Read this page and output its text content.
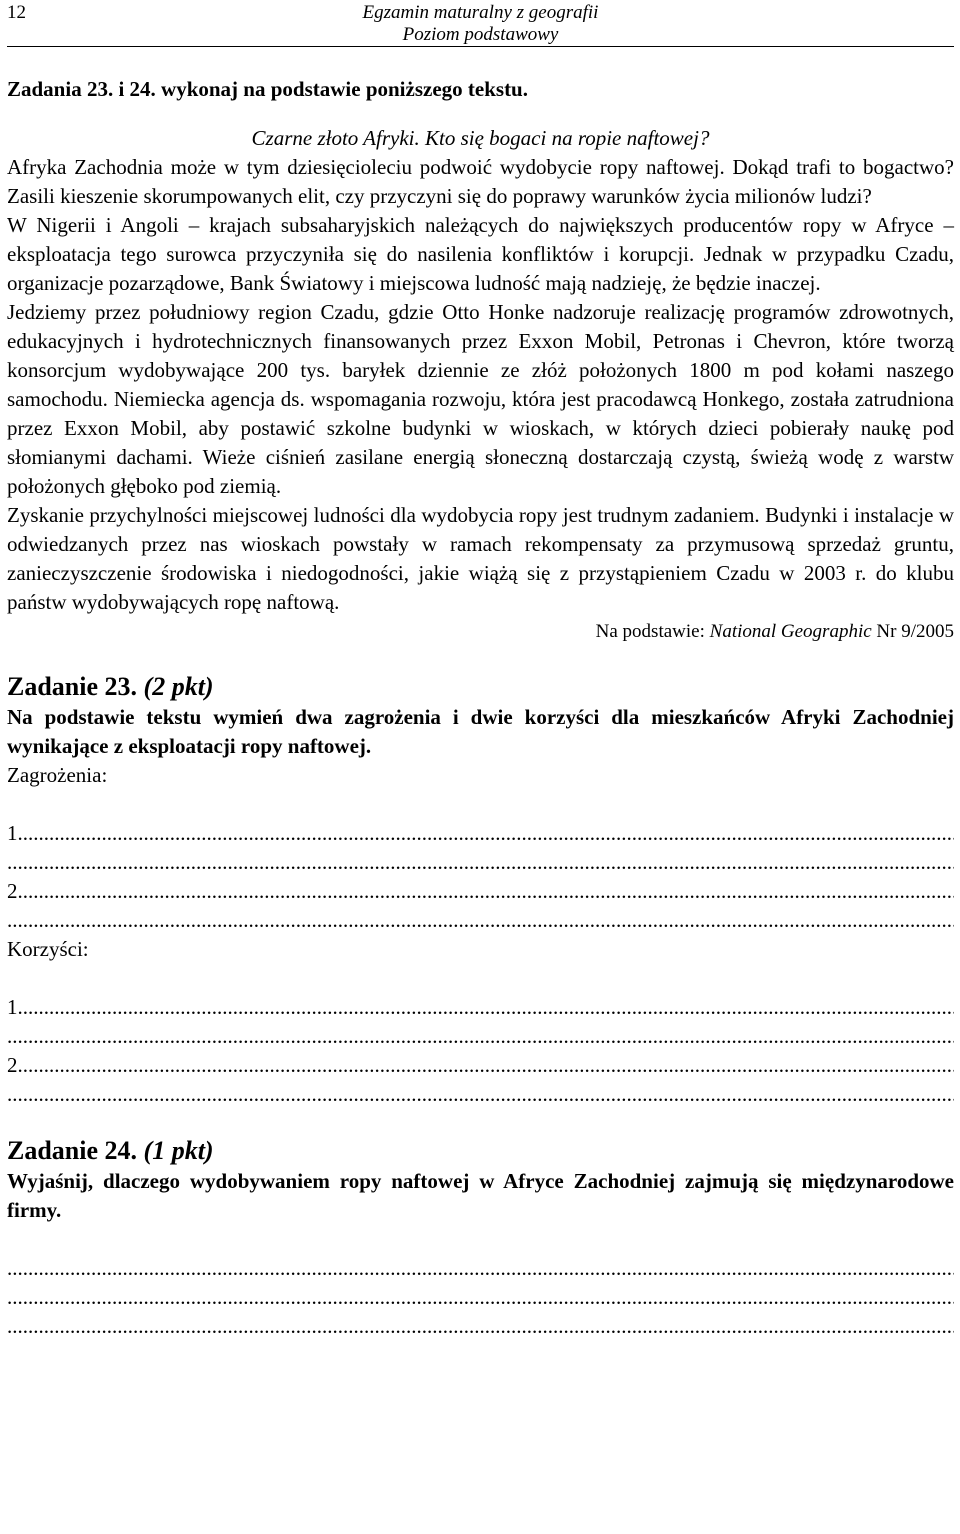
12	Egzamin maturalny z geografii
Poziom podstawowy
Zadania 23. i 24. wykonaj na podstawie poniższego tekstu.

Czarne złoto Afryki. Kto się bogaci na ropie naftowej?

Afryka Zachodnia może w tym dziesięcioleciu podwoić wydobycie ropy naftowej. Dokąd trafi to bogactwo? Zasili kieszenie skorumpowanych elit, czy przyczyni się do poprawy warunków życia milionów ludzi?

W Nigerii i Angoli – krajach subsaharyjskich należących do największych producentów ropy w Afryce – eksploatacja tego surowca przyczyniła się do nasilenia konfliktów i korupcji. Jednak w przypadku Czadu, organizacje pozarządowe, Bank Światowy i miejscowa ludność mają nadzieję, że będzie inaczej.

Jedziemy przez południowy region Czadu, gdzie Otto Honke nadzoruje realizację programów zdrowotnych, edukacyjnych i hydrotechnicznych finansowanych przez Exxon Mobil, Petronas i Chevron, które tworzą konsorcjum wydobywające 200 tys. baryłek dziennie ze złóż położonych 1800 m pod kołami naszego samochodu. Niemiecka agencja ds. wspomagania rozwoju, która jest pracodawcą Honkego, została zatrudniona przez Exxon Mobil, aby postawić szkolne budynki w wioskach, w których dzieci pobierały naukę pod słomianymi dachami. Wieże ciśnień zasilane energią słoneczną dostarczają czystą, świeżą wodę z warstw położonych głęboko pod ziemią.

Zyskanie przychylności miejscowej ludności dla wydobycia ropy jest trudnym zadaniem. Budynki i instalacje w odwiedzanych przez nas wioskach powstały w ramach rekompensaty za przymusową sprzedaż gruntu, zanieczyszczenie środowiska i niedogodności, jakie wiążą się z przystąpieniem Czadu w 2003 r. do klubu państw wydobywających ropę naftową.

Na podstawie: National Geographic Nr 9/2005
Zadanie 23. (2 pkt)
Na podstawie tekstu wymień dwa zagrożenia i dwie korzyści dla mieszkańców Afryki Zachodniej wynikające z eksploatacji ropy naftowej.
Zagrożenia:
1.
.....
.....
2.
.....
.....
Korzyści:
1.
.....
.....
2.
.....
.....
Zadanie 24. (1 pkt)
Wyjaśnij, dlaczego wydobywaniem ropy naftowej w Afryce Zachodniej zajmują się międzynarodowe firmy.
.....
.....
.....
